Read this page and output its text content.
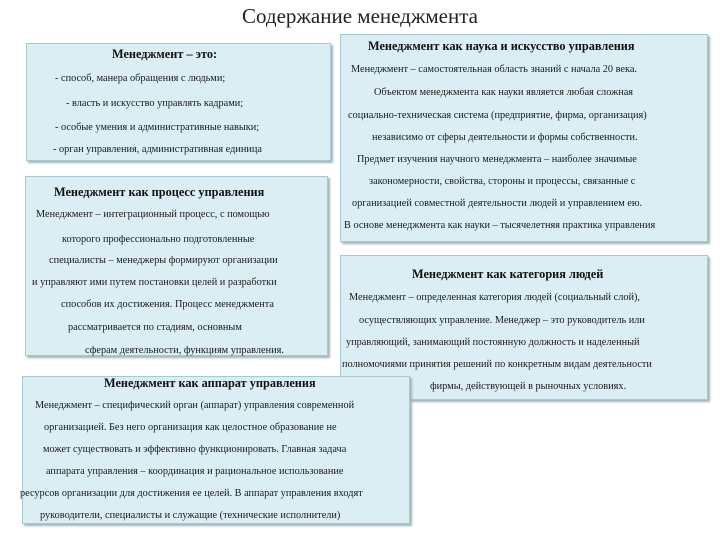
Содержание менеджмента
Менеджмент – это:
- способ, манера обращения с людьми;
- власть и искусство управлять кадрами;
- особые умения и административные навыки;
- орган управления, административная единица
Менеджмент как наука и искусство управления
Менеджмент – самостоятельная область знаний с начала 20 века.
Объектом менеджмента как науки является любая сложная
социально-техническая система (предприятие, фирма, организация)
независимо от сферы деятельности и формы собственности.
Предмет изучения научного менеджмента – наиболее значимые
закономерности, свойства, стороны и процессы, связанные с
организацией совместной деятельности людей и управлением ею.
В основе менеджмента как науки – тысячелетняя практика управления
Менеджмент как процесс управления
Менеджмент – интеграционный процесс, с помощью
которого профессионально подготовленные
специалисты – менеджеры формируют организации
и управляют ими путем постановки целей и разработки
способов их достижения. Процесс менеджмента
рассматривается по стадиям, основным
сферам деятельности, функциям управления.
Менеджмент как категория людей
Менеджмент – определенная категория людей (социальный слой),
осуществляющих управление. Менеджер – это руководитель или
управляющий, занимающий постоянную должность и наделенный
полномочиями принятия решений по конкретным видам деятельности
фирмы, действующей в рыночных условиях.
Менеджмент как аппарат управления
Менеджмент – специфический орган (аппарат) управления современной
организацией. Без него организация как целостное образование не
может существовать и эффективно функционировать. Главная задача
аппарата управления – координация и рациональное использование
ресурсов организации для достижения ее целей. В аппарат управления входят
руководители, специалисты и служащие (технические исполнители)
